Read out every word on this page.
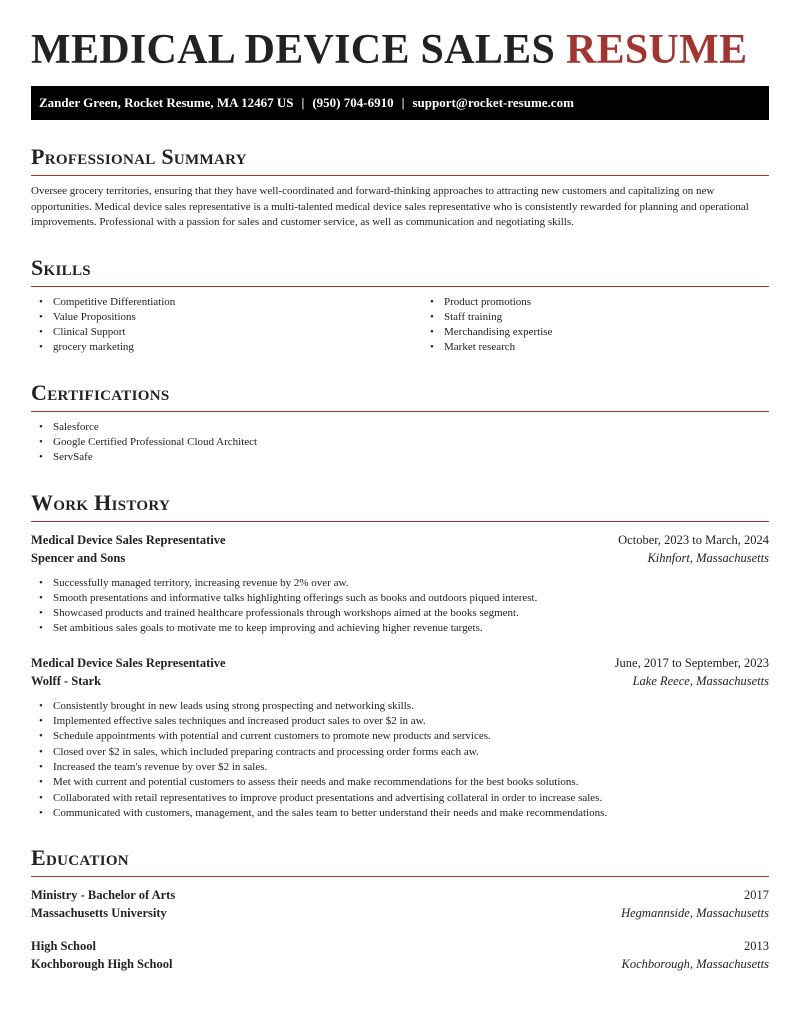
MEDICAL DEVICE SALES RESUME
Zander Green, Rocket Resume, MA 12467 US | (950) 704-6910 | support@rocket-resume.com
Professional Summary

Oversee grocery territories, ensuring that they have well-coordinated and forward-thinking approaches to attracting new customers and capitalizing on new opportunities. Medical device sales representative is a multi-talented medical device sales representative who is consistently rewarded for planning and operational improvements. Professional with a passion for sales and customer service, as well as communication and negotiating skills.

Skills
• Competitive Differentiation
• Value Propositions
• Clinical Support
• grocery marketing
• Product promotions
• Staff training
• Merchandising expertise
• Market research
Certifications
• Salesforce
• Google Certified Professional Cloud Architect
• ServSafe
Work History
Medical Device Sales Representative	October, 2023 to March, 2024
Spencer and Sons	Kihnfort, Massachusetts
• Successfully managed territory, increasing revenue by 2% over aw.
• Smooth presentations and informative talks highlighting offerings such as books and outdoors piqued interest.
• Showcased products and trained healthcare professionals through workshops aimed at the books segment.
• Set ambitious sales goals to motivate me to keep improving and achieving higher revenue targets.
Medical Device Sales Representative	June, 2017 to September, 2023
Wolff - Stark	Lake Reece, Massachusetts
• Consistently brought in new leads using strong prospecting and networking skills.
• Implemented effective sales techniques and increased product sales to over $2 in aw.
• Schedule appointments with potential and current customers to promote new products and services.
• Closed over $2 in sales, which included preparing contracts and processing order forms each aw.
• Increased the team's revenue by over $2 in sales.
• Met with current and potential customers to assess their needs and make recommendations for the best books solutions.
• Collaborated with retail representatives to improve product presentations and advertising collateral in order to increase sales.
• Communicated with customers, management, and the sales team to better understand their needs and make recommendations.
Education
Ministry - Bachelor of Arts	2017
Massachusetts University	Hegmannside, Massachusetts
High School	2013
Kochborough High School	Kochborough, Massachusetts
